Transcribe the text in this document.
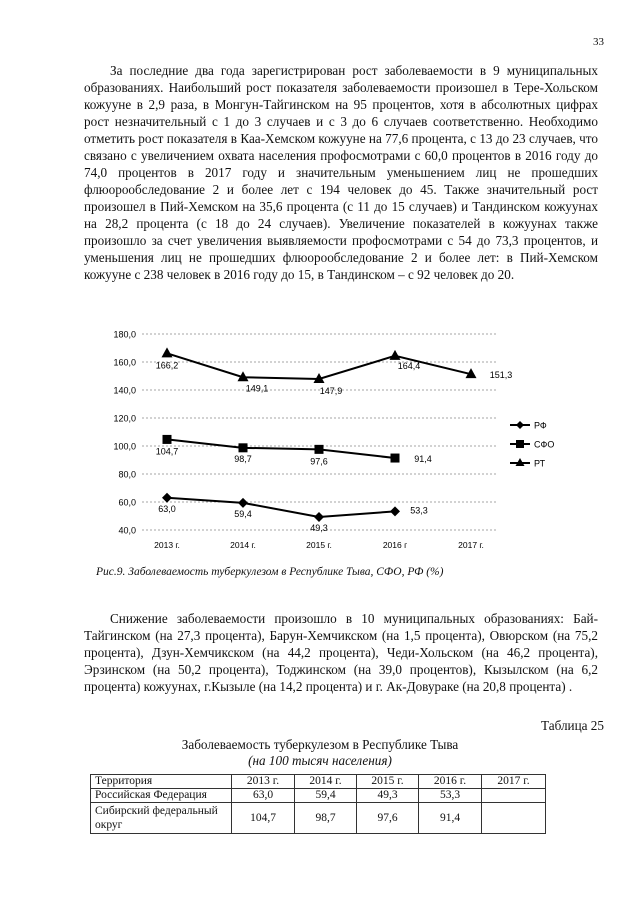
33
За последние два года зарегистрирован рост заболеваемости в 9 муниципальных образованиях. Наибольший рост показателя заболеваемости произошел в Тере-Хольском кожууне в 2,9 раза, в Монгун-Тайгинском на 95 процентов, хотя в абсолютных цифрах рост незначительный с 1 до 3 случаев и с 3 до 6 случаев соответственно. Необходимо отметить рост показателя в Каа-Хемском кожууне на 77,6 процента, с 13 до 23 случаев, что связано с увеличением охвата населения профосмотрами с 60,0 процентов в 2016 году до 74,0 процентов в 2017 году и значительным уменьшением лиц не прошедших флюорообследование 2 и более лет с 194 человек до 45. Также значительный рост произошел в Пий-Хемском на 35,6 процента (с 11 до 15 случаев) и Тандинском кожуунах на 28,2 процента (с 18 до 24 случаев). Увеличение показателей в кожуунах также произошло за счет увеличения выявляемости профосмотрами с 54 до 73,3 процентов, и уменьшения лиц не прошедших флюорообследование 2 и более лет: в Пий-Хемском кожууне с 238 человек в 2016 году до 15, в Тандинском – с 92 человек до 20.
180,0
160,0
140,0
120,0
100,0
80,0
60,0
40,0
2013 г.	2014 г.	2015 г.	2016 г	2017 г.
63,0
59,4
49,3
53,3
104,7
98,7	97,6	91,4
166,2
149,1	147,9
164,4
151,3
РФ
СФО
РТ
Рис.9. Заболеваемость туберкулезом в Республике Тыва, СФО, РФ (%)
Снижение заболеваемости произошло в 10 муниципальных образованиях: Бай-Тайгинском (на 27,3 процента), Барун-Хемчикском (на 1,5 процента), Овюрском (на 75,2 процента), Дзун-Хемчикском (на 44,2 процента), Чеди-Хольском (на 46,2 процента), Эрзинском (на 50,2 процента), Тоджинском (на 39,0 процентов), Кызылском (на 6,2 процента) кожуунах, г.Кызыле (на 14,2 процента) и г. Ак-Довураке (на 20,8 процента) .
Таблица 25
Заболеваемость туберкулезом в Республике Тыва
(на 100 тысяч населения)
Территория	2013 г.	2014 г.	2015 г.	2016 г.	2017 г.
Российская Федерация	63,0	59,4	49,3	53,3	
Сибирский федеральный округ	104,7	98,7	97,6	91,4	
